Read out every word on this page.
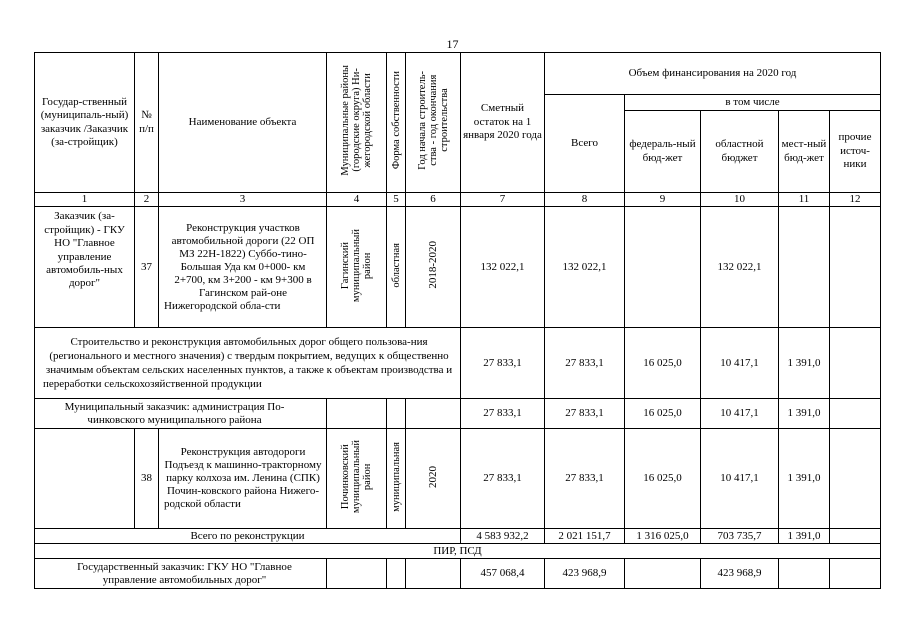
17
Государ-ственный (муниципаль-ный) заказчик /Заказчик (за-стройщик)	№ п/п	Наименование объекта	Муниципальные районы
(городские округа) Ни-
жегородской области	Форма собственности	Год начала строитель-
ства - год окончания
строительства	Сметный остаток на 1 января 2020 года	Объем финансирования на 2020 год				
							Всего	в том числе			
								федераль-ный бюд-жет	областной бюджет	мест-ный бюд-жет	прочие источ-ники
1	2	3	4	5	6	7	8	9	10	11	12
Заказчик (за-стройщик) - ГКУ НО "Главное управление автомобиль-ных дорог"	37	Реконструкция участков автомобильной дороги (22 ОП МЗ 22Н-1822) Суббо-тино-Большая Уда км 0+000- км 2+700, км 3+200 - км 9+300 в Гагинском рай-оне Нижегородской обла-сти	Гагинский
муниципальный
район	областная	2018-2020	132 022,1	132 022,1		132 022,1		
Строительство и реконструкция автомобильных дорог общего пользова-ния (регионального и местного значения) с твердым покрытием, ведущих к общественно значимым объектам сельских населенных пунктов, а также к объектам производства и переработки сельскохозяйственной продукции						27 833,1	27 833,1	16 025,0	10 417,1	1 391,0	
Муниципальный заказчик: администрация По-чинковского муниципального района						27 833,1	27 833,1	16 025,0	10 417,1	1 391,0	
	38	Реконструкция автодороги Подъезд к машинно-тракторному парку колхоза им. Ленина (СПК) Почин-ковского района Нижего-родской области	Починковский
муниципальный
район	муниципальная	2020	27 833,1	27 833,1	16 025,0	10 417,1	1 391,0	
Всего по реконструкции						4 583 932,2	2 021 151,7	1 316 025,0	703 735,7	1 391,0	
ПИР, ПСД											
Государственный заказчик: ГКУ НО "Главное управление автомобильных дорог"						457 068,4	423 968,9		423 968,9		
